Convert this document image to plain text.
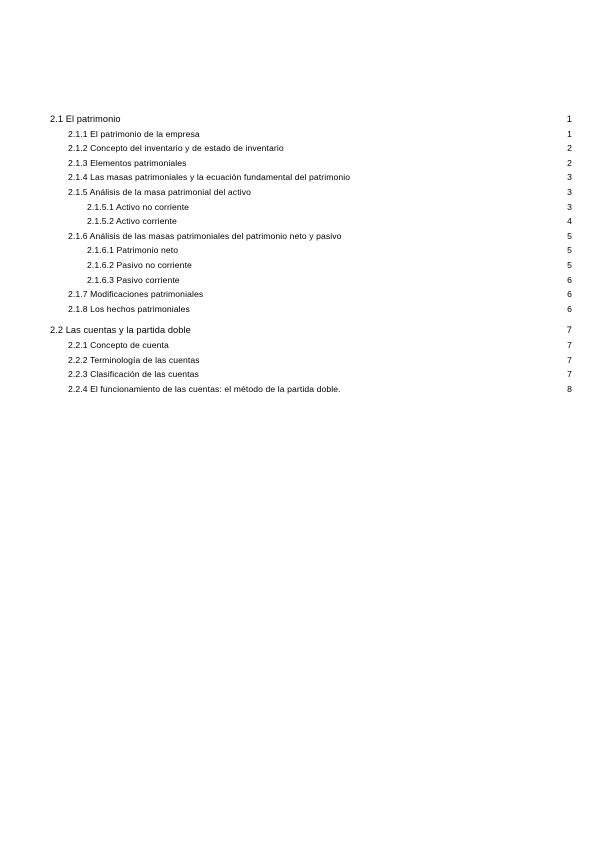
2.1 El patrimonio	1
2.1.1 El patrimonio de la empresa	1
2.1.2 Concepto del inventario y de estado de inventario	2
2.1.3 Elementos patrimoniales	2
2.1.4 Las masas patrimoniales y la ecuación fundamental del patrimonio	3
2.1.5 Análisis de la masa patrimonial del activo	3
2.1.5.1 Activo no corriente	3
2.1.5.2 Activo corriente	4
2.1.6 Análisis de las masas patrimoniales del patrimonio neto y pasivo	5
2.1.6.1 Patrimonio neto	5
2.1.6.2 Pasivo no corriente	5
2.1.6.3 Pasivo corriente	6
2.1.7 Modificaciones patrimoniales	6
2.1.8 Los hechos patrimoniales	6
2.2 Las cuentas y la partida doble	7
2.2.1 Concepto de cuenta	7
2.2.2 Terminología de las cuentas	7
2.2.3 Clasificación de las cuentas	7
2.2.4 El funcionamiento de las cuentas: el método de la partida doble.	8
